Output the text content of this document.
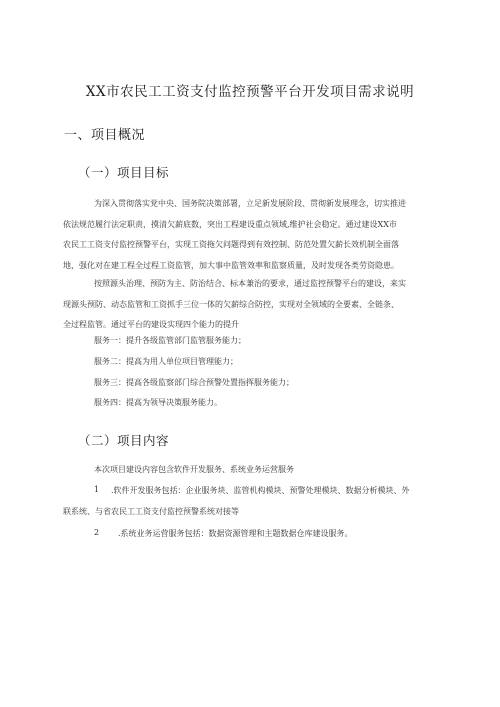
XX市农民工工资支付监控预警平台开发项目需求说明
一、项目概况
（一）项目目标
为深入贯彻落实党中央、国务院决策部署，立足新发展阶段、贯彻新发展理念，切实推进
依法规范履行法定职责，摸清欠薪底数，突出工程建设重点领域,维护社会稳定。通过建设XX市
农民工工资支付监控预警平台，实现工资拖欠问题得到有效控制、防范处置欠薪长效机制全面落
地，强化对在建工程全过程工资监管，加大事中监管效率和监察质量，及时发现各类劳资隐患。
按照源头治理、预防为主、防治结合、标本兼治的要求，通过监控预警平台的建设，来实
现源头预防、动态监管和工资抓手三位一体的欠薪综合防控，实现对全领域的全要素、全链条、
全过程监管。通过平台的建设实现四个能力的提升
服务一：提升各级监管部门监管服务能力；
服务二：提高为用人单位项目管理能力；
服务三：提高各级监察部门综合预警处置指挥服务能力；
服务四：提高为领导决策服务能力。
（二）项目内容
本次项目建设内容包含软件开发服务、系统业务运营服务
1 .软件开发服务包括：企业服务块、监管机构模块、预警处理模块、数据分析模块、外
联系统、与省农民工工资支付监控预警系统对接等
2 .系统业务运营服务包括：数据资源管理和主题数据仓库建设服务。
